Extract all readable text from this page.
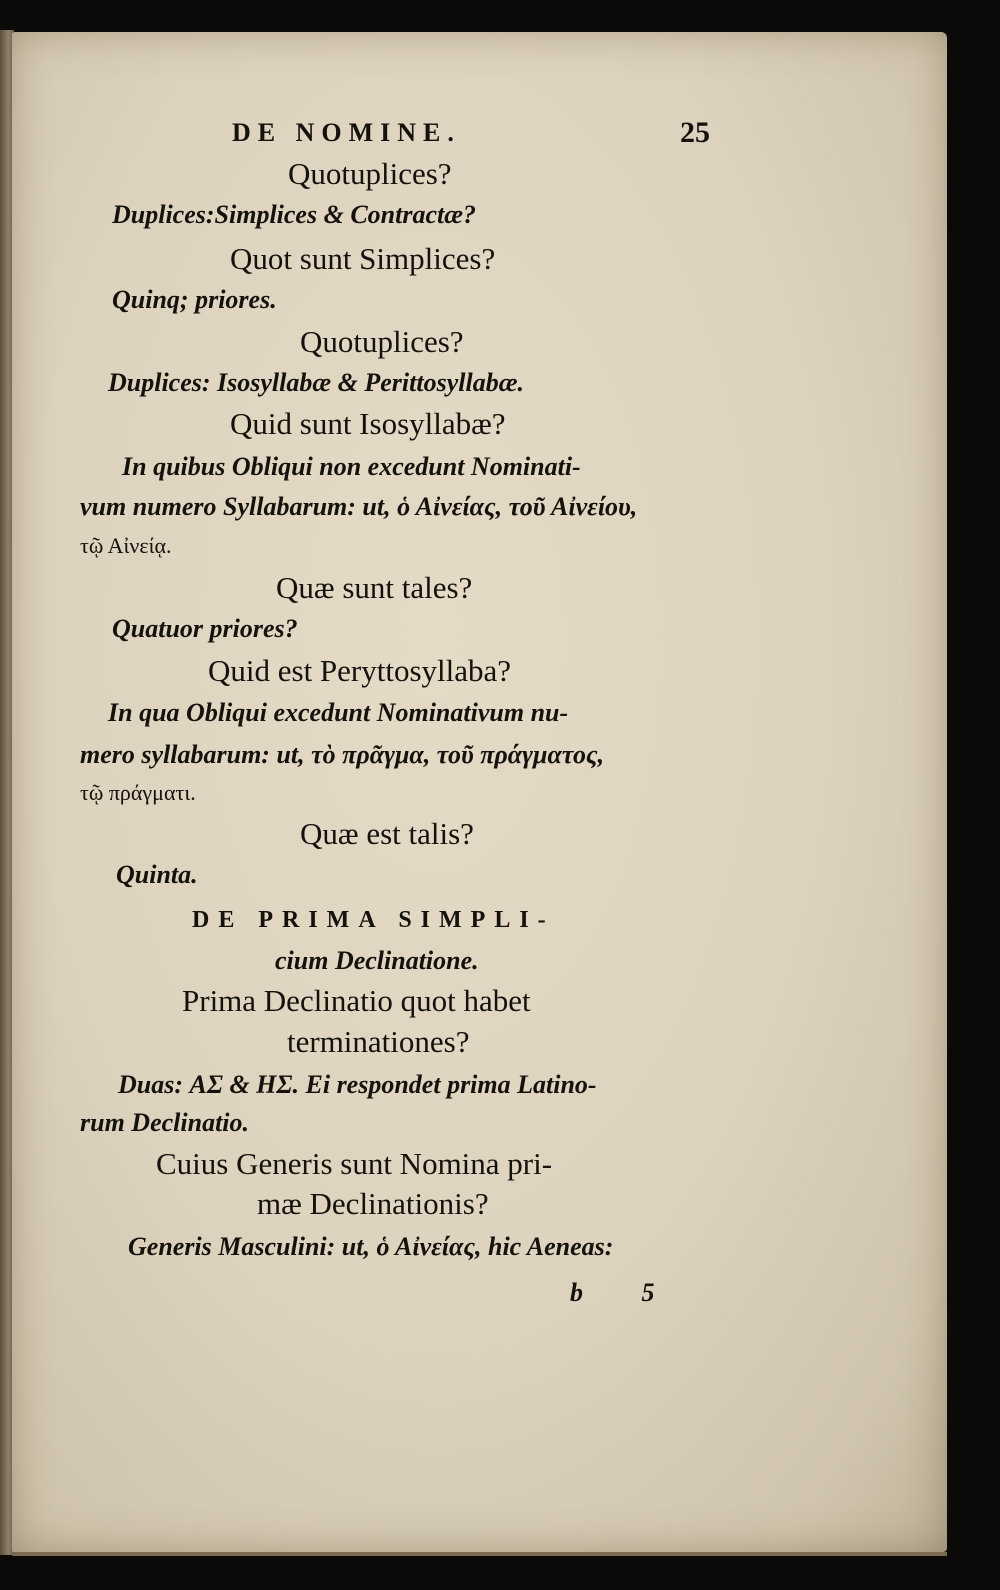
DE NOMINE.	25
Quotuplices?
Duplices:Simplices & Contractæ?
Quot sunt Simplices?
Quinq; priores.
Quotuplices?
Duplices: Isosyllabæ & Perittosyllabæ.
Quid sunt Isosyllabæ?
In quibus Obliqui non excedunt Nominati-
vum numero Syllabarum: ut, ὁ Αἰνείας, τοῦ Αἰνείου,
τῷ Αἰνείᾳ.
Quæ sunt tales?
Quatuor priores?
Quid est Peryttosyllaba?
In qua Obliqui excedunt Nominativum nu-
mero syllabarum: ut, τὸ πρᾶγμα, τοῦ πράγματος,
τῷ πράγματι.
Quæ est talis?
Quinta.
DE PRIMA SIMPLI-
cium Declinatione.
Prima Declinatio quot habet
terminationes?
Duas: ΑΣ & ΗΣ. Ei respondet prima Latino-
rum Declinatio.
Cuius Generis sunt Nomina pri-
mæ Declinationis?
Generis Masculini: ut, ὁ Αἰνείας, hic Aeneas:
b 5
